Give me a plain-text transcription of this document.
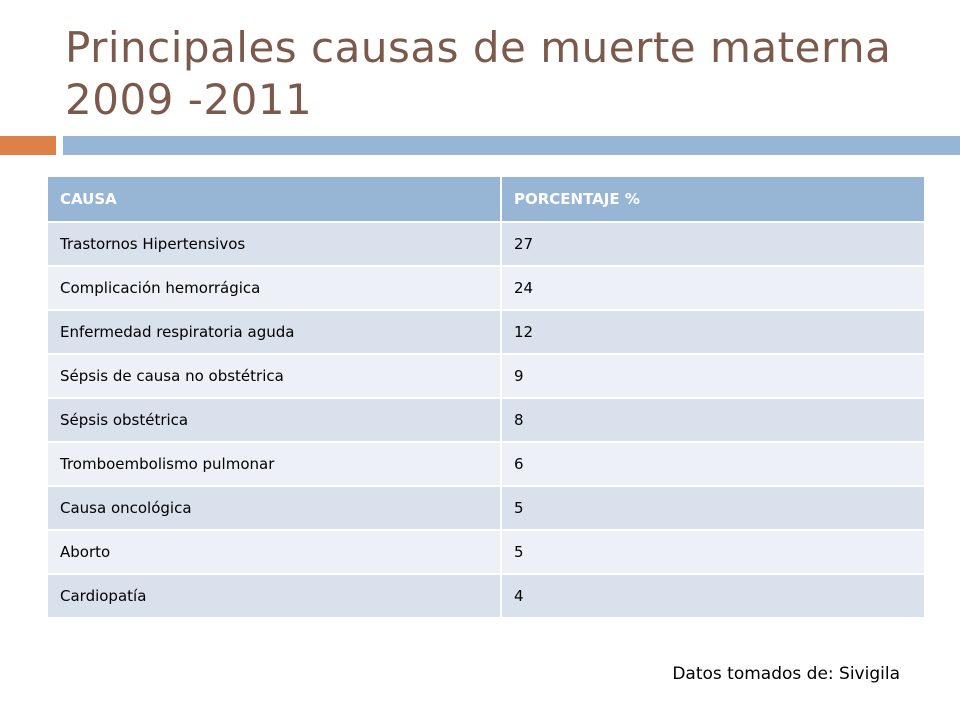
Principales causas de muerte materna 2009 -2011
CAUSA	PORCENTAJE %
Trastornos Hipertensivos	27
Complicación hemorrágica	24
Enfermedad respiratoria aguda	12
Sépsis de causa no obstétrica	9
Sépsis obstétrica	8
Tromboembolismo pulmonar	6
Causa oncológica	5
Aborto	5
Cardiopatía	4
Datos tomados de: Sivigila
